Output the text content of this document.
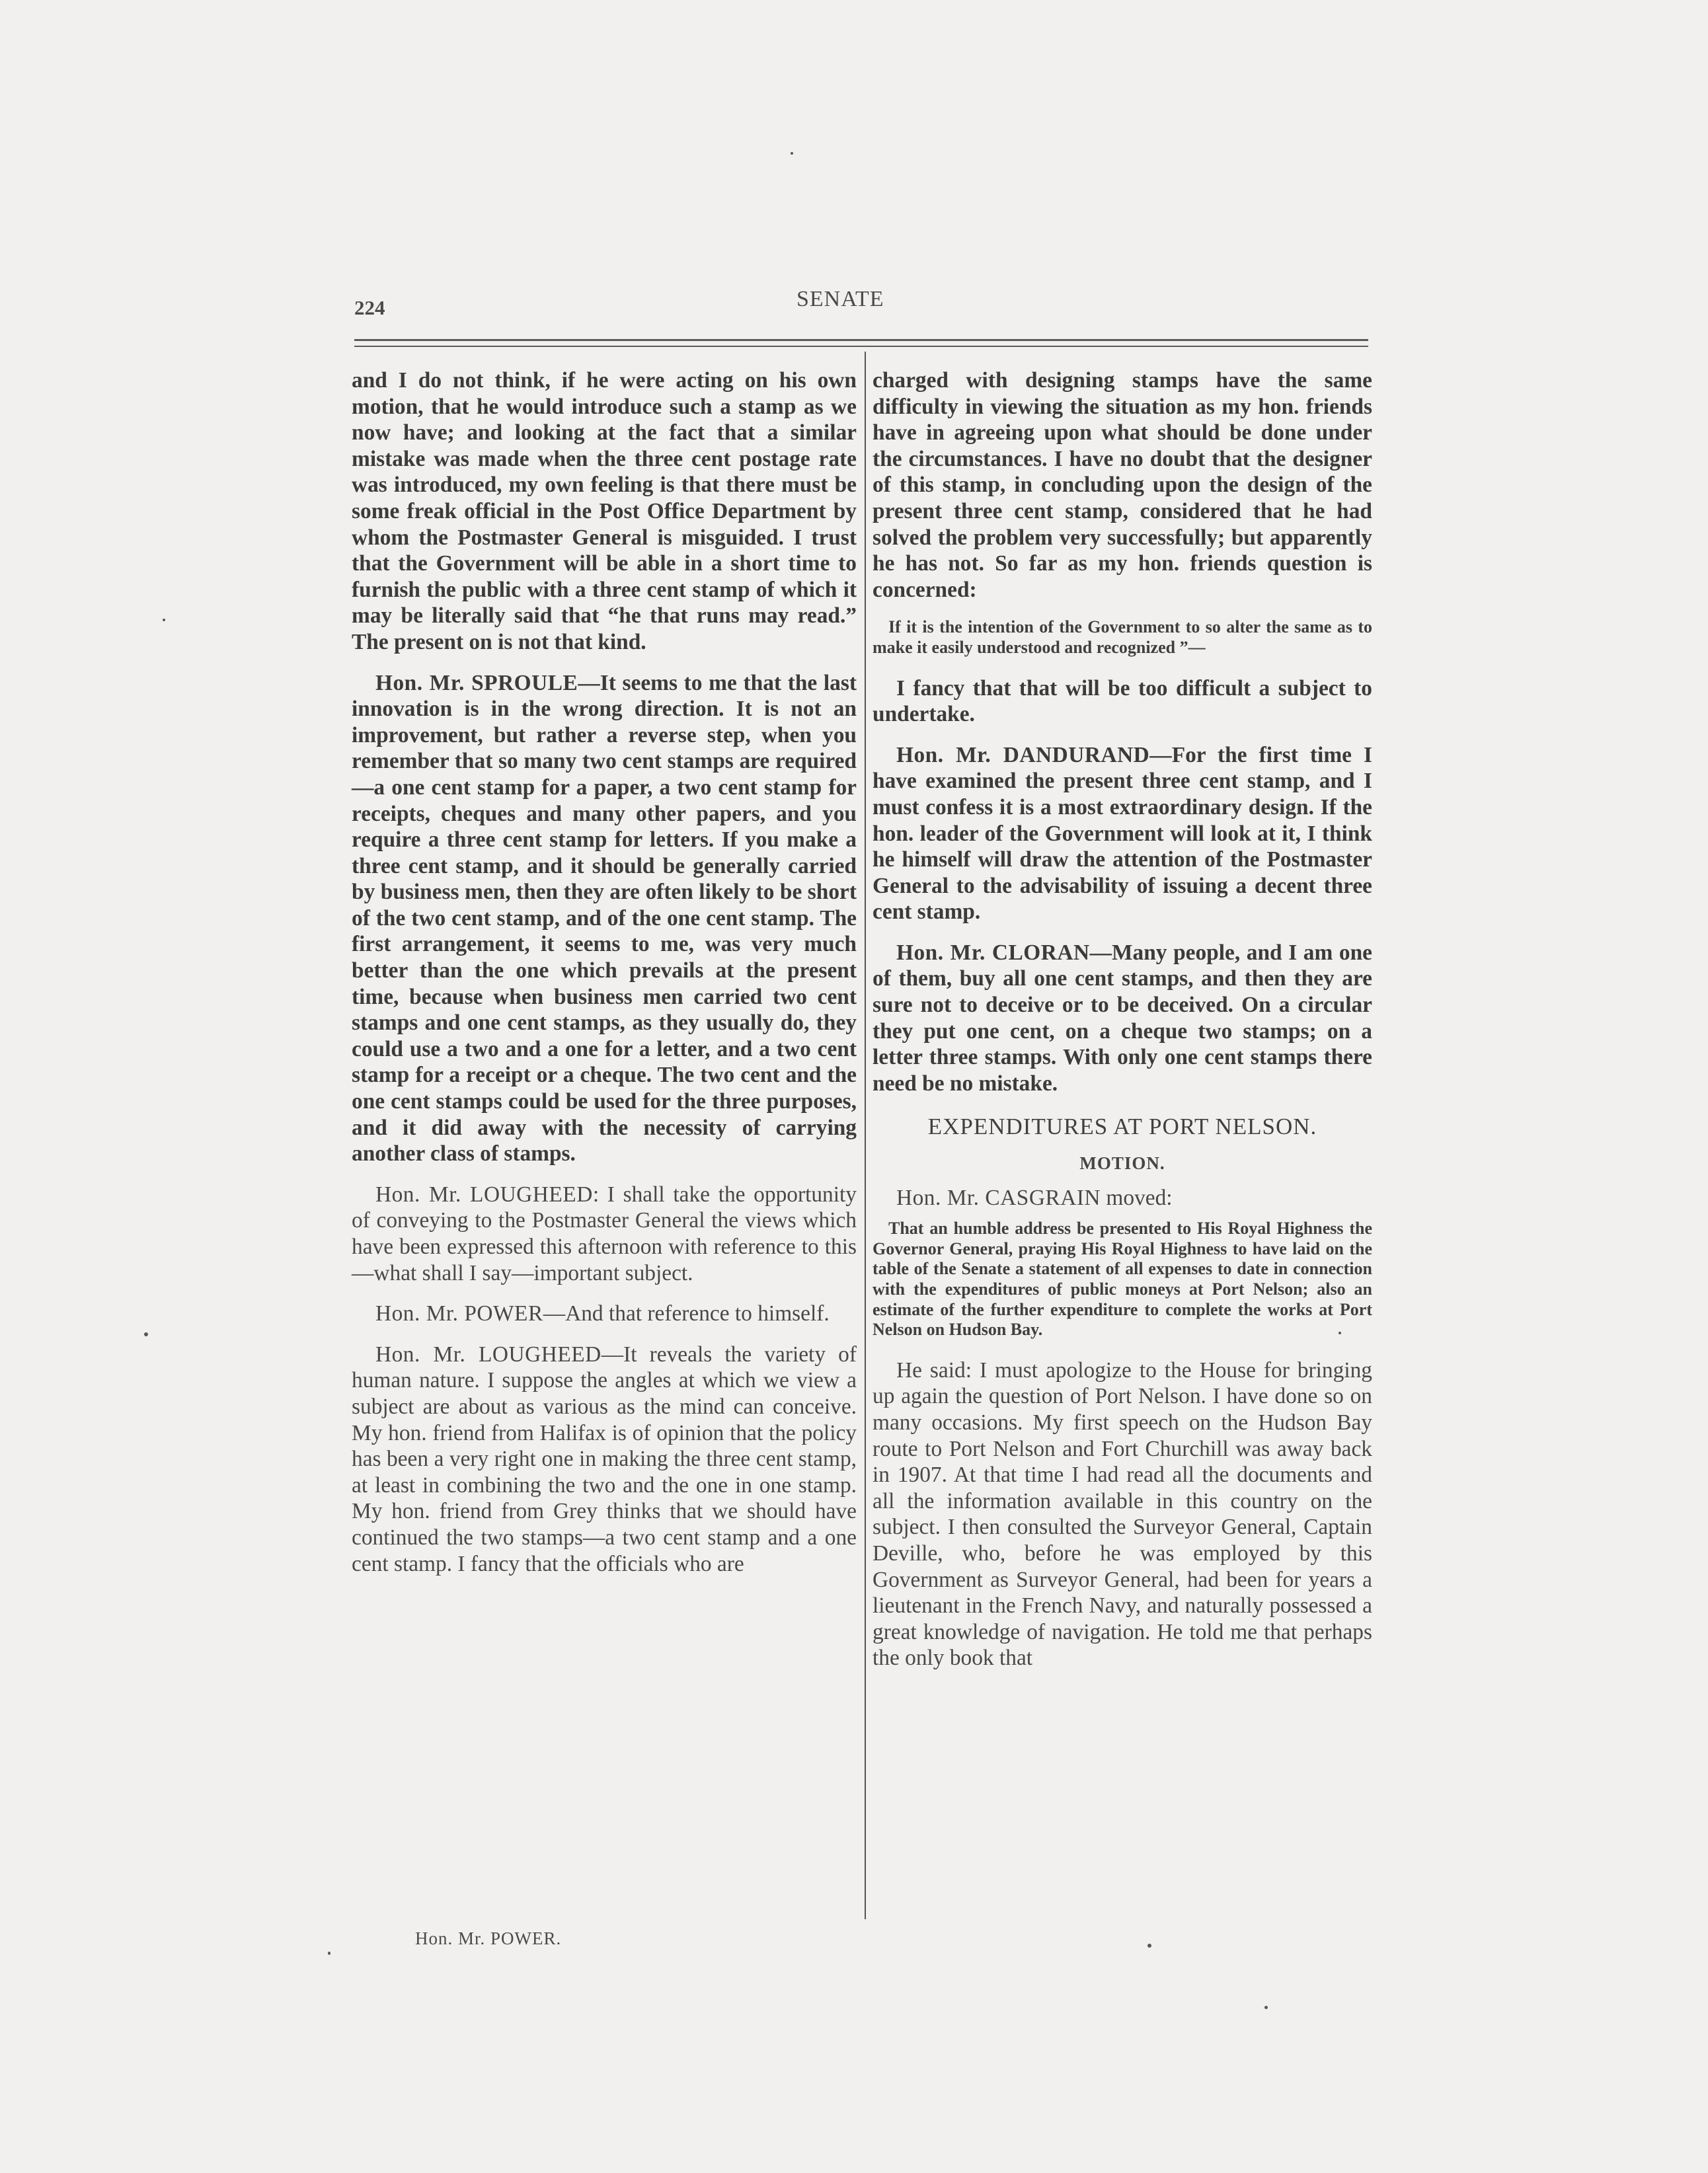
224	SENATE

and I do not think, if he were acting on his own motion, that he would introduce such a stamp as we now have; and looking at the fact that a similar mistake was made when the three cent postage rate was introduced, my own feeling is that there must be some freak official in the Post Office Department by whom the Postmaster General is misguided. I trust that the Government will be able in a short time to furnish the public with a three cent stamp of which it may be literally said that “he that runs may read.” The present on is not that kind.

Hon. Mr. SPROULE—It seems to me that the last innovation is in the wrong direction. It is not an improvement, but rather a reverse step, when you remember that so many two cent stamps are required—a one cent stamp for a paper, a two cent stamp for receipts, cheques and many other papers, and you require a three cent stamp for letters. If you make a three cent stamp, and it should be generally carried by business men, then they are often likely to be short of the two cent stamp, and of the one cent stamp. The first arrangement, it seems to me, was very much better than the one which prevails at the present time, because when business men carried two cent stamps and one cent stamps, as they usually do, they could use a two and a one for a letter, and a two cent stamp for a receipt or a cheque. The two cent and the one cent stamps could be used for the three purposes, and it did away with the necessity of carrying another class of stamps.

Hon. Mr. LOUGHEED: I shall take the opportunity of conveying to the Postmaster General the views which have been expressed this afternoon with reference to this —what shall I say—important subject.

Hon. Mr. POWER—And that reference to himself.

Hon. Mr. LOUGHEED—It reveals the variety of human nature. I suppose the angles at which we view a subject are about as various as the mind can conceive. My hon. friend from Halifax is of opinion that the policy has been a very right one in making the three cent stamp, at least in combining the two and the one in one stamp. My hon. friend from Grey thinks that we should have continued the two stamps—a two cent stamp and a one cent stamp. I fancy that the officials who are

charged with designing stamps have the same difficulty in viewing the situation as my hon. friends have in agreeing upon what should be done under the circumstances. I have no doubt that the designer of this stamp, in concluding upon the design of the present three cent stamp, considered that he had solved the problem very successfully; but apparently he has not. So far as my hon. friends question is concerned:

If it is the intention of the Government to so alter the same as to make it easily understood and recognized ”—

I fancy that that will be too difficult a subject to undertake.

Hon. Mr. DANDURAND—For the first time I have examined the present three cent stamp, and I must confess it is a most extraordinary design. If the hon. leader of the Government will look at it, I think he himself will draw the attention of the Postmaster General to the advisability of issuing a decent three cent stamp.

Hon. Mr. CLORAN—Many people, and I am one of them, buy all one cent stamps, and then they are sure not to deceive or to be deceived. On a circular they put one cent, on a cheque two stamps; on a letter three stamps. With only one cent stamps there need be no mistake.

EXPENDITURES AT PORT NELSON.
MOTION.

Hon. Mr. CASGRAIN moved:

That an humble address be presented to His Royal Highness the Governor General, praying His Royal Highness to have laid on the table of the Senate a statement of all expenses to date in connection with the expenditures of public moneys at Port Nelson; also an estimate of the further expenditure to complete the works at Port Nelson on Hudson Bay.

He said: I must apologize to the House for bringing up again the question of Port Nelson. I have done so on many occasions. My first speech on the Hudson Bay route to Port Nelson and Fort Churchill was away back in 1907. At that time I had read all the documents and all the information available in this country on the subject. I then consulted the Surveyor General, Captain Deville, who, before he was employed by this Government as Surveyor General, had been for years a lieutenant in the French Navy, and naturally possessed a great knowledge of navigation. He told me that perhaps the only book that

Hon. Mr. POWER.
